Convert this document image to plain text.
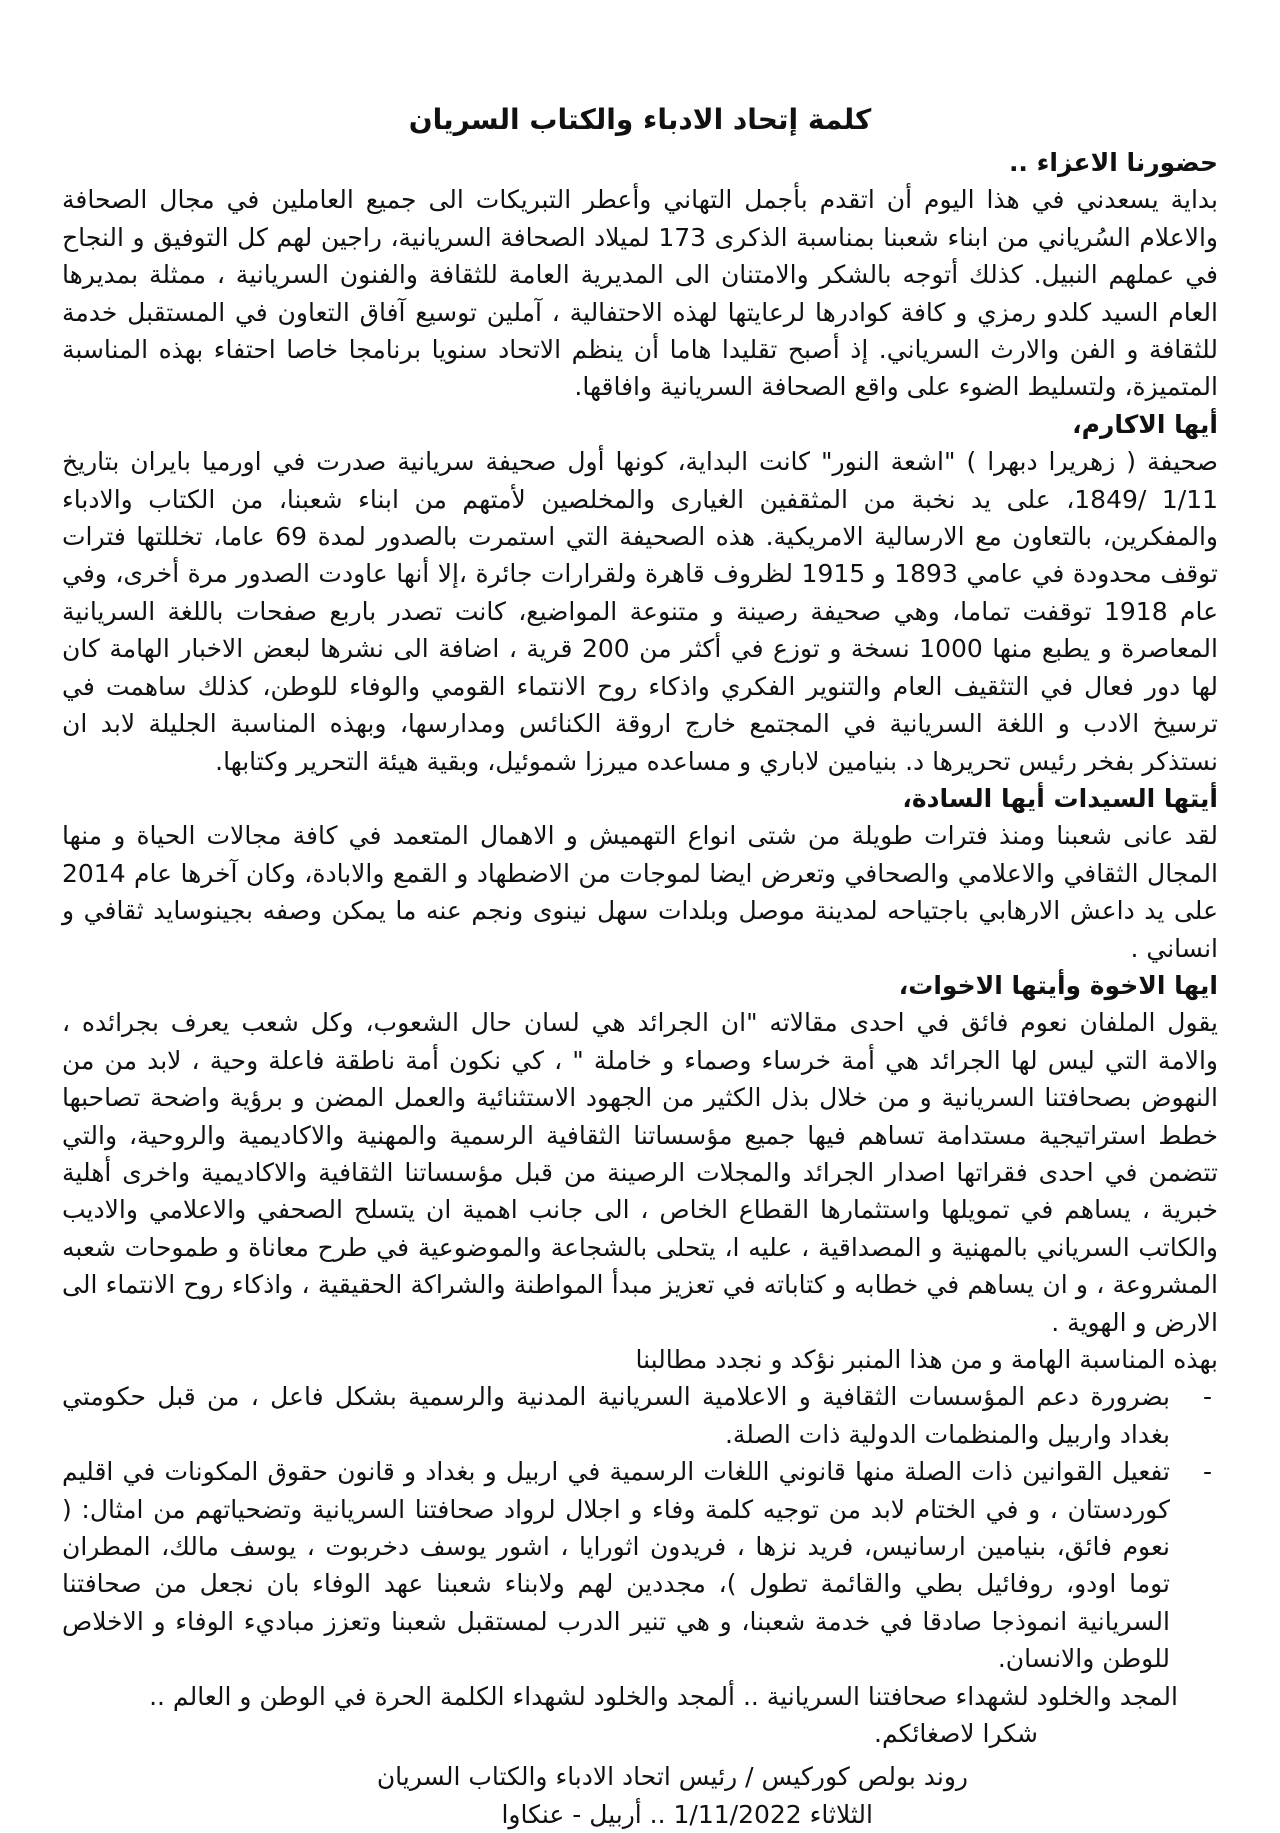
كلمة إتحاد الادباء والكتاب السريان

حضورنا الاعزاء ..

بداية يسعدني في هذا اليوم أن اتقدم بأجمل التهاني وأعطر التبريكات الى جميع العاملين في مجال الصحافة والاعلام السُرياني من ابناء شعبنا بمناسبة الذكرى 173 لميلاد الصحافة السريانية، راجين لهم كل التوفيق و النجاح في عملهم النبيل. كذلك أتوجه بالشكر والامتنان الى المديرية العامة للثقافة والفنون السريانية ، ممثلة بمديرها العام السيد كلدو رمزي و كافة كوادرها لرعايتها لهذه الاحتفالية ، آملين توسيع آفاق التعاون في المستقبل خدمة للثقافة و الفن والارث السرياني. إذ أصبح تقليدا هاما أن ينظم الاتحاد سنويا برنامجا خاصا احتفاء بهذه المناسبة المتميزة، ولتسليط الضوء على واقع الصحافة السريانية وافاقها.

أيها الاكارم،

صحيفة ( زهريرا دبهرا ) "اشعة النور" كانت البداية، كونها أول صحيفة سريانية صدرت في اورميا بايران بتاريخ 1/11 /1849، على يد نخبة من المثقفين الغيارى والمخلصين لأمتهم من ابناء شعبنا، من الكتاب والادباء والمفكرين، بالتعاون مع الارسالية الامريكية. هذه الصحيفة التي استمرت بالصدور لمدة 69 عاما، تخللتها فترات توقف محدودة في عامي 1893 و 1915 لظروف قاهرة ولقرارات جائرة ،إلا أنها عاودت الصدور مرة أخرى، وفي عام 1918 توقفت تماما، وهي صحيفة رصينة و متنوعة المواضيع، كانت تصدر باربع صفحات باللغة السريانية المعاصرة و يطبع منها 1000 نسخة و توزع في أكثر من 200 قرية ، اضافة الى نشرها لبعض الاخبار الهامة كان لها دور فعال في التثقيف العام والتنوير الفكري واذكاء روح الانتماء القومي والوفاء للوطن، كذلك ساهمت في ترسيخ الادب و اللغة السريانية في المجتمع خارج اروقة الكنائس ومدارسها، وبهذه المناسبة الجليلة لابد ان نستذكر بفخر رئيس تحريرها د. بنيامين لاباري و مساعده ميرزا شموئيل، وبقية هيئة التحرير وكتابها.

أيتها السيدات أيها السادة،

لقد عانى شعبنا ومنذ فترات طويلة من شتى انواع التهميش و الاهمال المتعمد في كافة مجالات الحياة و منها المجال الثقافي والاعلامي والصحافي وتعرض ايضا لموجات من الاضطهاد و القمع والابادة، وكان آخرها عام 2014 على يد داعش الارهابي باجتياحه لمدينة موصل وبلدات سهل نينوى ونجم عنه ما يمكن وصفه بجينوسايد ثقافي و انساني .

ايها الاخوة وأيتها الاخوات،

يقول الملفان نعوم فائق في احدى مقالاته "ان الجرائد هي لسان حال الشعوب، وكل شعب يعرف بجرائده ، والامة التي ليس لها الجرائد هي أمة خرساء وصماء و خاملة " ، كي نكون أمة ناطقة فاعلة وحية ، لابد من من النهوض بصحافتنا السريانية و من خلال بذل الكثير من الجهود الاستثنائية والعمل المضن و برؤية واضحة تصاحبها خطط استراتيجية مستدامة تساهم فيها جميع مؤسساتنا الثقافية الرسمية والمهنية والاكاديمية والروحية، والتي تتضمن في احدى فقراتها اصدار الجرائد والمجلات الرصينة من قبل مؤسساتنا الثقافية والاكاديمية واخرى أهلية خبرية ، يساهم في تمويلها واستثمارها القطاع الخاص ، الى جانب اهمية ان يتسلح الصحفي والاعلامي والاديب والكاتب السرياني بالمهنية و المصداقية ، عليه ا، يتحلى بالشجاعة والموضوعية في طرح معاناة و طموحات شعبه المشروعة ، و ان يساهم في خطابه و كتاباته في تعزيز مبدأ المواطنة والشراكة الحقيقية ، واذكاء روح الانتماء الى الارض و الهوية .

بهذه المناسبة الهامة و من هذا المنبر نؤكد و نجدد مطالبنا

-
بضرورة دعم المؤسسات الثقافية و الاعلامية السريانية المدنية والرسمية بشكل فاعل ، من قبل حكومتي بغداد واربيل والمنظمات الدولية ذات الصلة.
-
تفعيل القوانين ذات الصلة منها قانوني اللغات الرسمية في اربيل و بغداد و قانون حقوق المكونات في اقليم كوردستان ، و في الختام لابد من توجيه كلمة وفاء و اجلال لرواد صحافتنا السريانية وتضحياتهم من امثال: ( نعوم فائق، بنيامين ارسانيس، فريد نزها ، فريدون اثورايا ، اشور يوسف دخربوت ، يوسف مالك، المطران توما اودو، روفائيل بطي والقائمة تطول )، مجددين لهم ولابناء شعبنا عهد الوفاء بان نجعل من صحافتنا السريانية انموذجا صادقا في خدمة شعبنا، و هي تنير الدرب لمستقبل شعبنا وتعزز مباديء الوفاء و الاخلاص للوطن والانسان.

المجد والخلود لشهداء صحافتنا السريانية .. ألمجد والخلود لشهداء الكلمة الحرة في الوطن و العالم ..

شكرا لاصغائكم.

روند بولص كوركيس / رئيس اتحاد الادباء والكتاب السريان
الثلاثاء 1/11/2022 .. أربيل - عنكاوا
